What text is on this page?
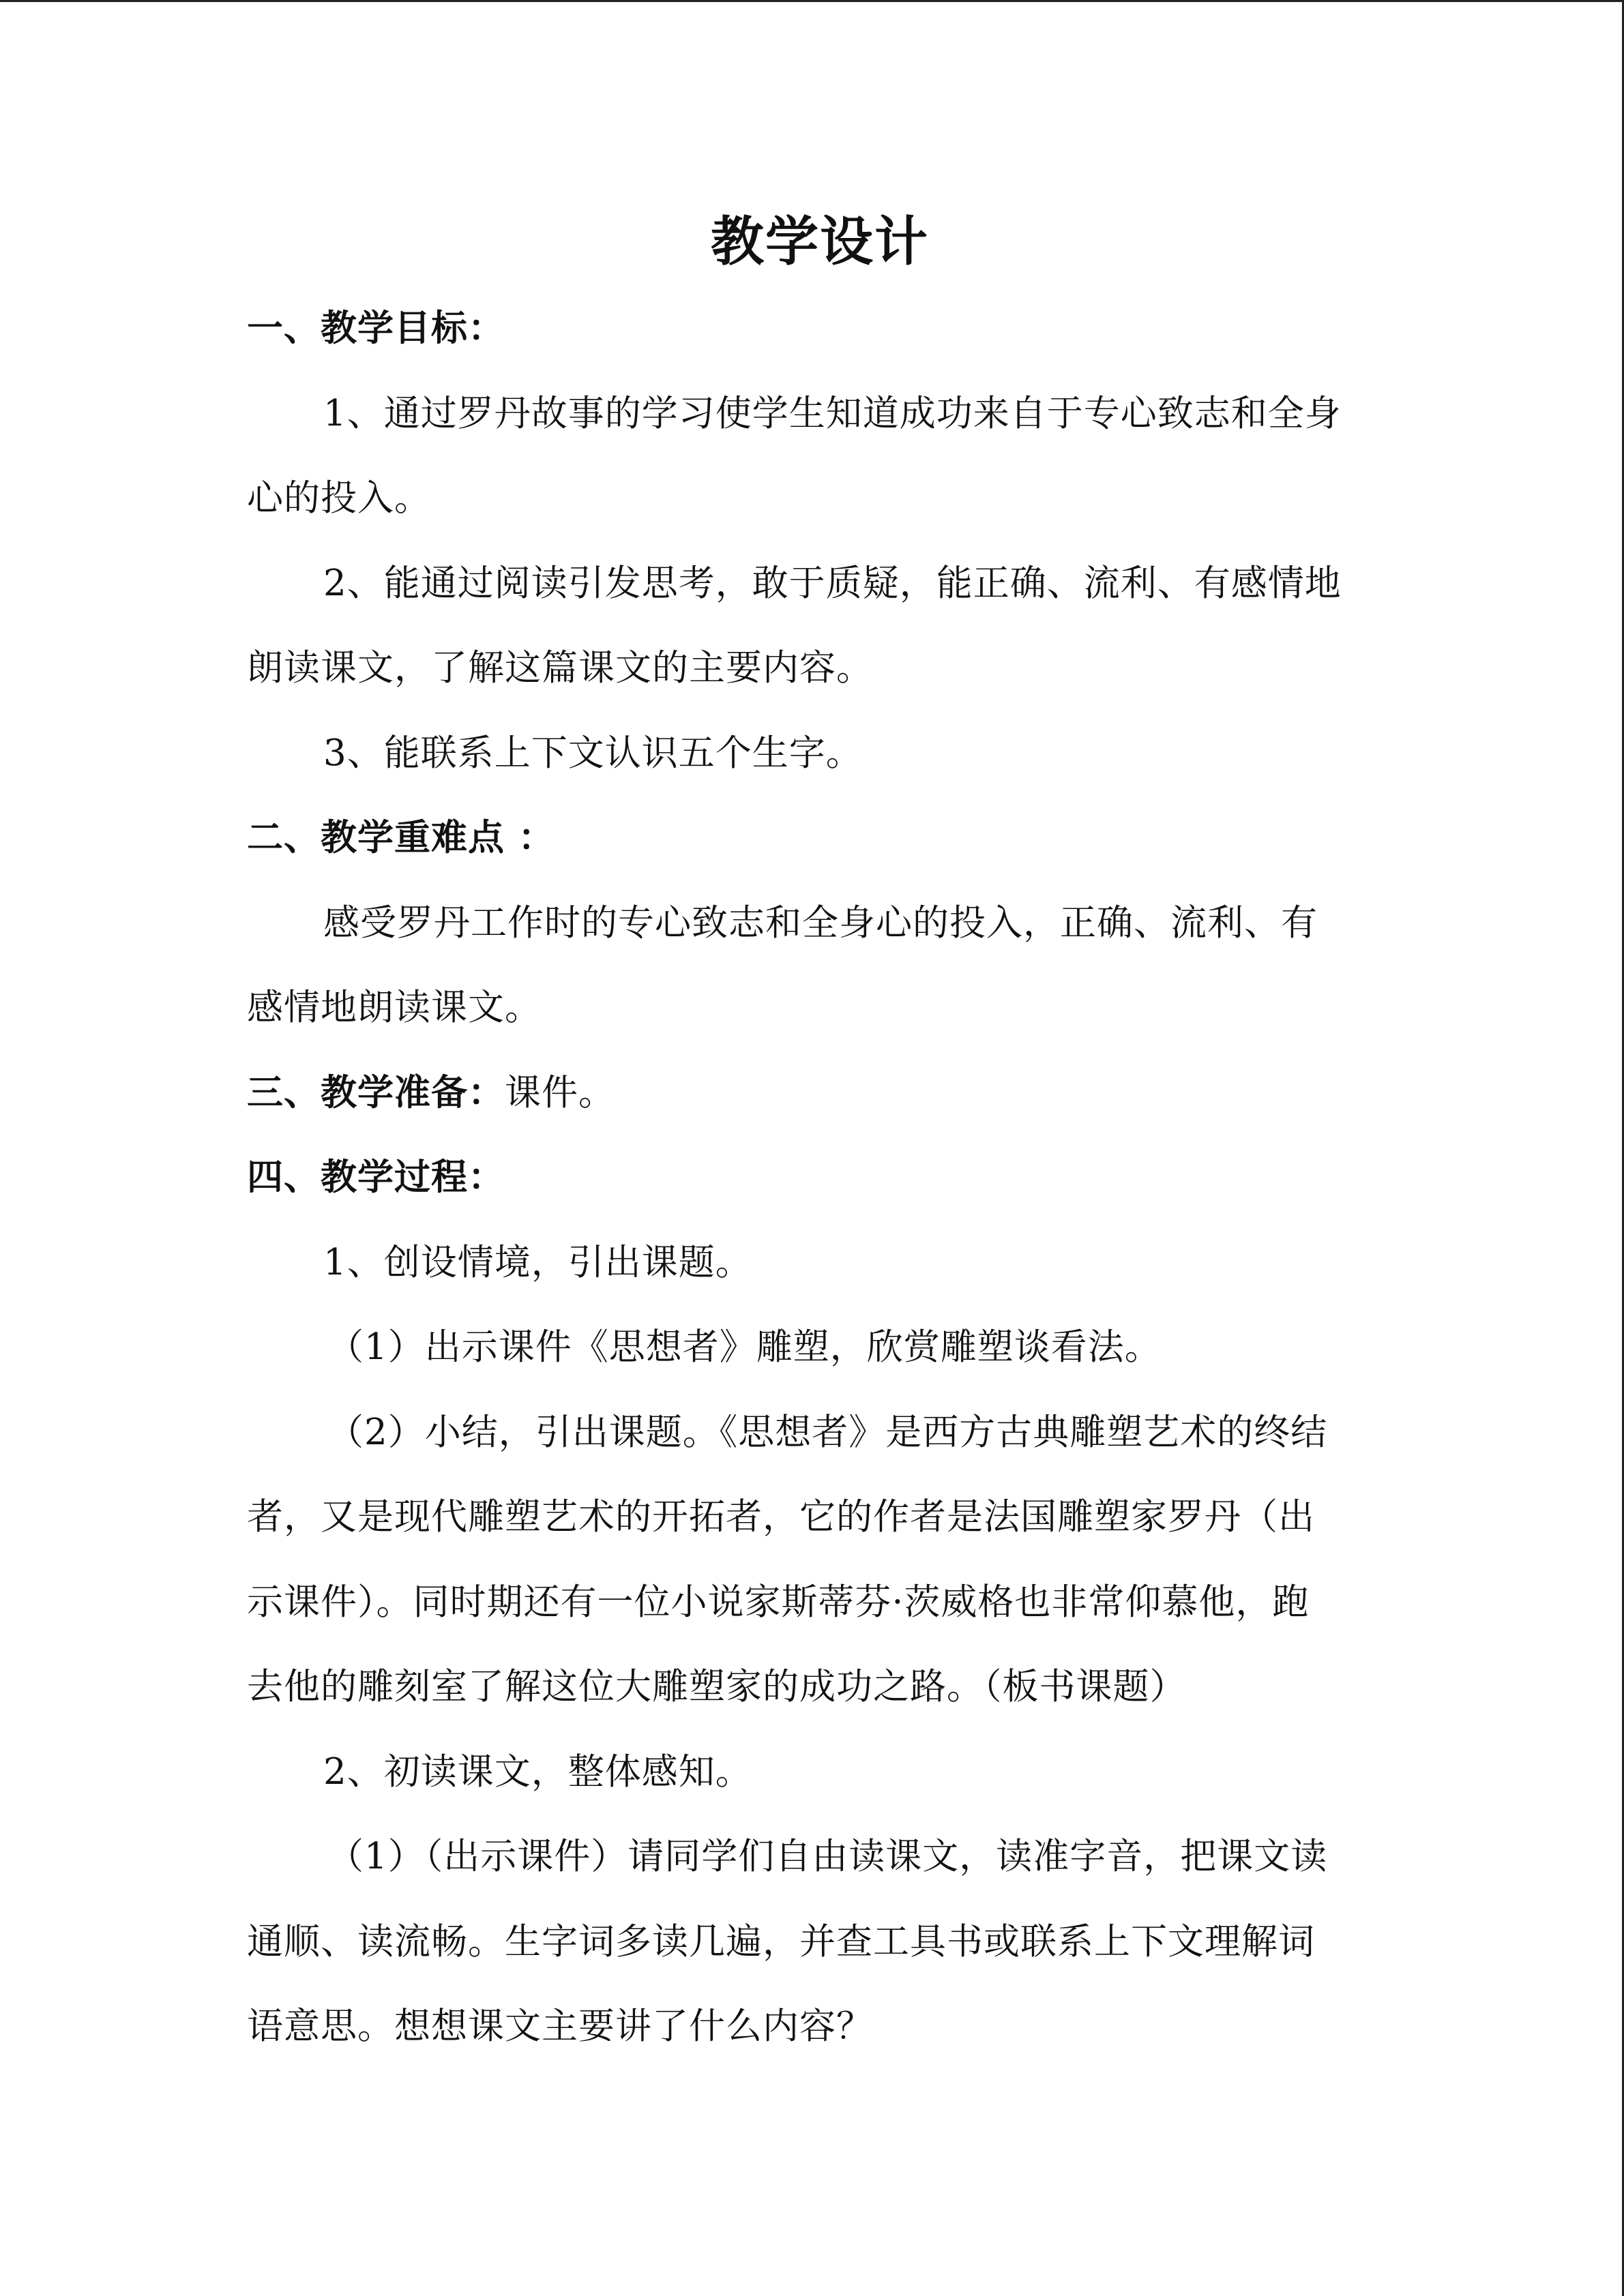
教学设计

一、教学目标：

1、通过罗丹故事的学习使学生知道成功来自于专心致志和全身

心的投入。

2、能通过阅读引发思考，敢于质疑，能正确、流利、有感情地

朗读课文，了解这篇课文的主要内容。

3、能联系上下文认识五个生字。

二、教学重难点 ：

感受罗丹工作时的专心致志和全身心的投入，正确、流利、有

感情地朗读课文。

三、教学准备：课件。

四、教学过程：

1、创设情境，引出课题。

（1）出示课件《思想者》雕塑，欣赏雕塑谈看法。

（2）小结，引出课题。《思想者》是西方古典雕塑艺术的终结

者，又是现代雕塑艺术的开拓者，它的作者是法国雕塑家罗丹（出

示课件）。同时期还有一位小说家斯蒂芬·茨威格也非常仰慕他，跑

去他的雕刻室了解这位大雕塑家的成功之路。（板书课题）

2、初读课文，整体感知。

（1）（出示课件）请同学们自由读课文，读准字音，把课文读

通顺、读流畅。生字词多读几遍，并查工具书或联系上下文理解词

语意思。想想课文主要讲了什么内容？
